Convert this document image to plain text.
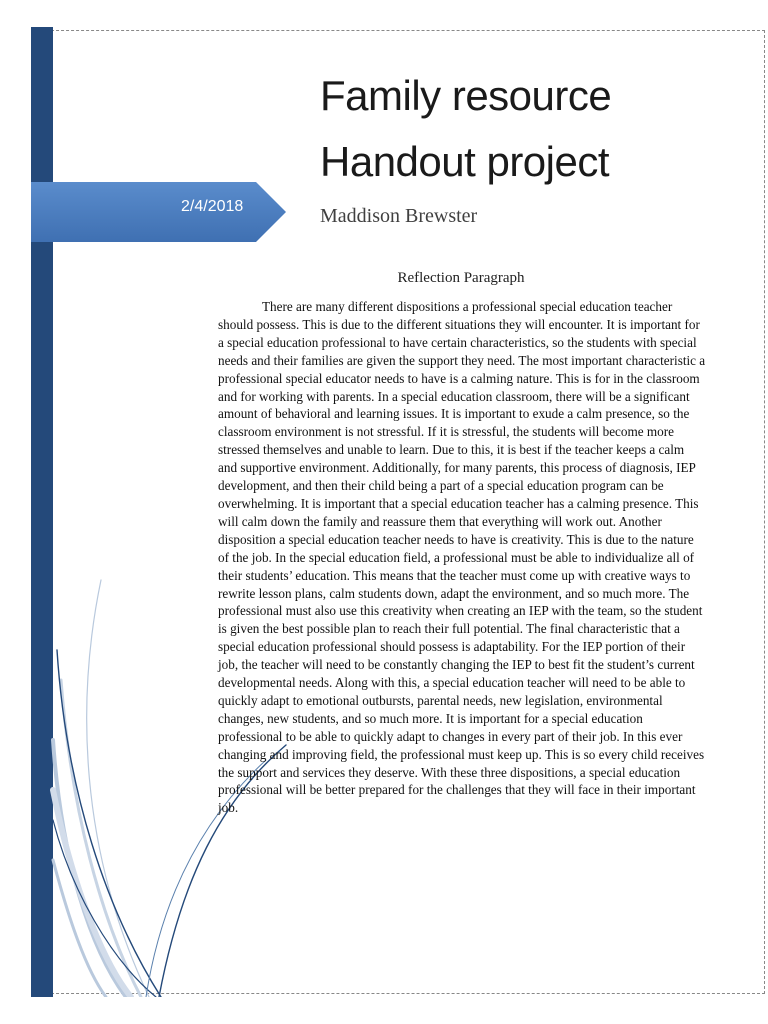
2/4/2018
Family resource
Handout project
Maddison Brewster
Reflection Paragraph

There are many different dispositions a professional special education teacher should possess. This is due to the different situations they will encounter. It is important for a special education professional to have certain characteristics, so the students with special needs and their families are given the support they need. The most important characteristic a professional special educator needs to have is a calming nature. This is for in the classroom and for working with parents. In a special education classroom, there will be a significant amount of behavioral and learning issues. It is important to exude a calm presence, so the classroom environment is not stressful. If it is stressful, the students will become more stressed themselves and unable to learn. Due to this, it is best if the teacher keeps a calm and supportive environment. Additionally, for many parents, this process of diagnosis, IEP development, and then their child being a part of a special education program can be overwhelming. It is important that a special education teacher has a calming presence. This will calm down the family and reassure them that everything will work out. Another disposition a special education teacher needs to have is creativity. This is due to the nature of the job. In the special education field, a professional must be able to individualize all of their students’ education. This means that the teacher must come up with creative ways to rewrite lesson plans, calm students down, adapt the environment, and so much more. The professional must also use this creativity when creating an IEP with the team, so the student is given the best possible plan to reach their full potential. The final characteristic that a special education professional should possess is adaptability. For the IEP portion of their job, the teacher will need to be constantly changing the IEP to best fit the student’s current developmental needs. Along with this, a special education teacher will need to be able to quickly adapt to emotional outbursts, parental needs, new legislation, environmental changes, new students, and so much more. It is important for a special education professional to be able to quickly adapt to changes in every part of their job. In this ever changing and improving field, the professional must keep up. This is so every child receives the support and services they deserve. With these three dispositions, a special education professional will be better prepared for the challenges that they will face in their important job.
